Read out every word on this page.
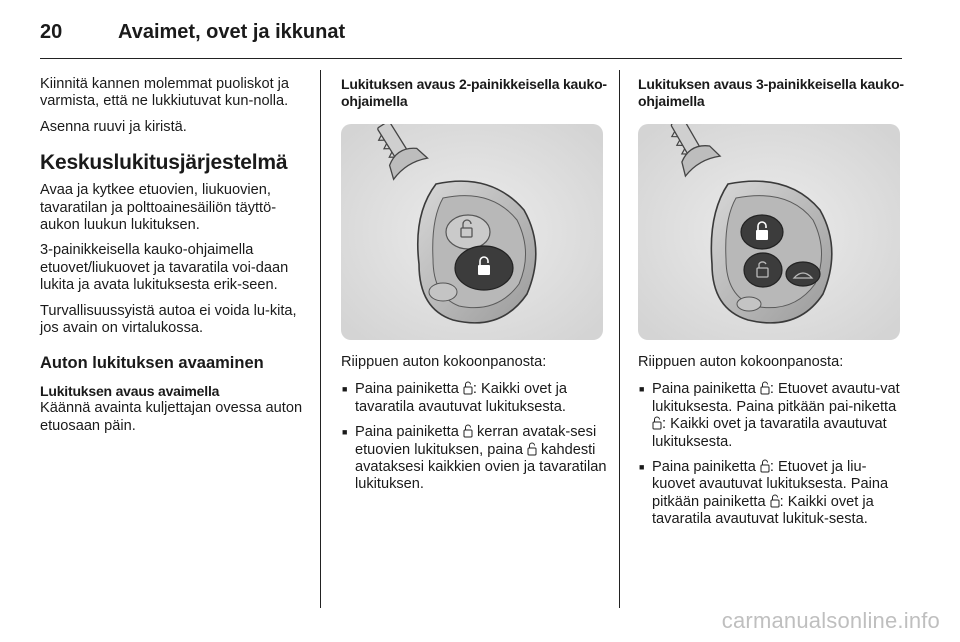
20	Avaimet, ovet ja ikkunat

Kiinnitä kannen molemmat puoliskot ja varmista, että ne lukkiutuvat kun-nolla.

Asenna ruuvi ja kiristä.

Keskuslukitusjärjestelmä

Avaa ja kytkee etuovien, liukuovien, tavaratilan ja polttoainesäiliön täyttö-aukon luukun lukituksen.

3-painikkeisella kauko-ohjaimella etuovet/liukuovet ja tavaratila voi-daan lukita ja avata lukituksesta erik-seen.

Turvallisuussyistä autoa ei voida lu-kita, jos avain on virtalukossa.

Auton lukituksen avaaminen
Lukituksen avaus avaimella

Käännä avainta kuljettajan ovessa auton etuosaan päin.

Lukituksen avaus 2-painikkeisella kauko-ohjaimella

Riippuen auton kokoonpanosta:

■ Paina painiketta : Kaikki ovet ja tavaratila avautuvat lukituksesta.
■ Paina painiketta  kerran avatak-sesi etuovien lukituksen, paina  kahdesti avataksesi kaikkien ovien ja tavaratilan lukituksen.
Lukituksen avaus 3-painikkeisella kauko-ohjaimella

Riippuen auton kokoonpanosta:

■ Paina painiketta : Etuovet avautu-vat lukituksesta. Paina pitkään pai-niketta : Kaikki ovet ja tavaratila avautuvat lukituksesta.
■ Paina painiketta : Etuovet ja liu-kuovet avautuvat lukituksesta. Paina pitkään painiketta : Kaikki ovet ja tavaratila avautuvat lukituk-sesta.
carmanualsonline.info
